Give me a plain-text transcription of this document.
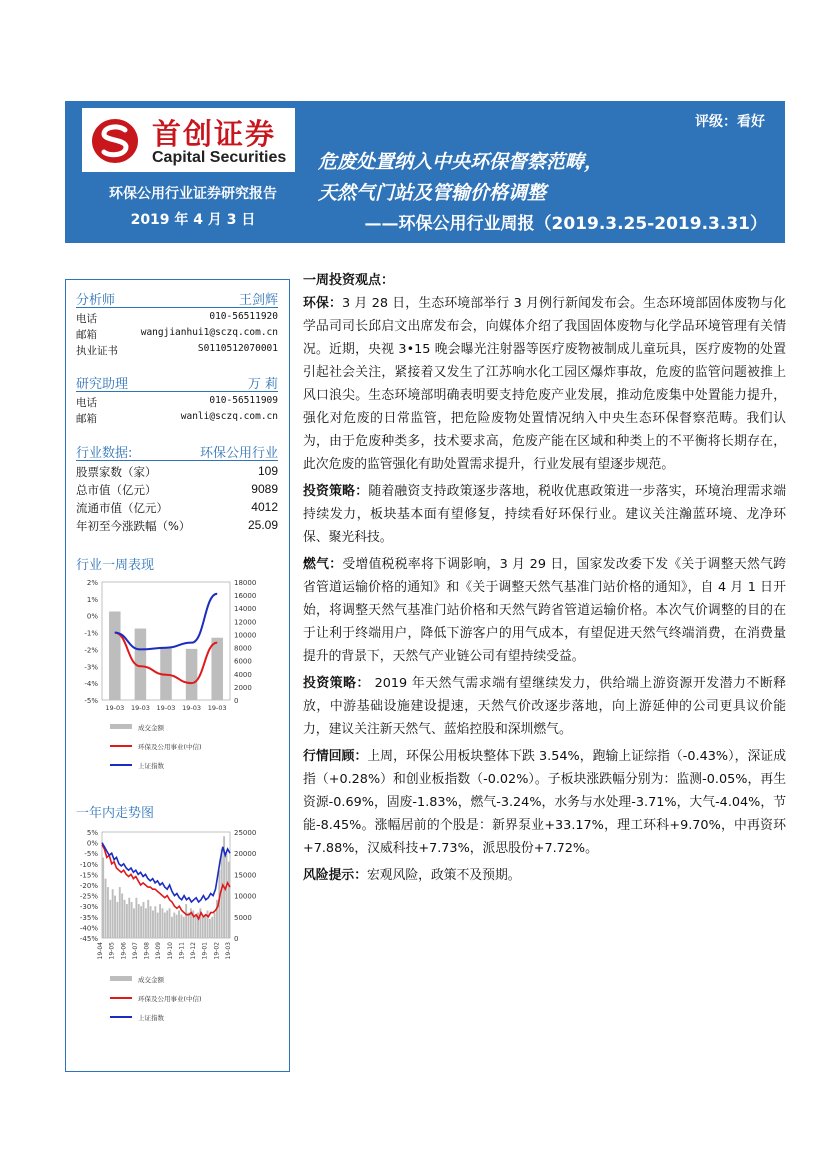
首创证券
Capital Securities
环保公用行业证券研究报告
2019 年 4 月 3 日
评级：看好
危废处置纳入中央环保督察范畴，
天然气门站及管输价格调整
——环保公用行业周报（2019.3.25-2019.3.31）
分析师	王剑辉
电话	010-56511920
邮箱	wangjianhui1@sczq.com.cn
执业证书	S0110512070001
研究助理	万 莉
电话	010-56511909
邮箱	wanli@sczq.com.cn
行业数据:	环保公用行业
股票家数（家）	109
总市值（亿元）	9089
流通市值（亿元）	4012
年初至今涨跌幅（%）	25.09
行业一周表现
2%
1%
0%
-1%
-2%
-3%
-4%
-5%
18000
16000
14000
12000
10000
8000
6000
4000
2000
0
19-03 19-03 19-03 19-03 19-03
成交金额
环保及公用事业(中信)
上证指数
一年内走势图
5%
0%
-5%
-10%
-15%
-20%
-25%
-30%
-35%
-40%
-45%
25000
20000
15000
10000
5000
0
19-04 19-05 19-06 19-07 19-08 19-09 19-10 19-11 19-12 19-01 19-02 19-03
成交金额
环保及公用事业(中信)
上证指数
一周投资观点：

环保：3 月 28 日，生态环境部举行 3 月例行新闻发布会。生态环境部固体废物与化学品司司长邱启文出席发布会，向媒体介绍了我国固体废物与化学品环境管理有关情况。近期，央视 3•15 晚会曝光注射器等医疗废物被制成儿童玩具，医疗废物的处置引起社会关注，紧接着又发生了江苏响水化工园区爆炸事故，危废的监管问题被推上风口浪尖。生态环境部明确表明要支持危废产业发展，推动危废集中处置能力提升，强化对危废的日常监管，把危险废物处置情况纳入中央生态环保督察范畴。我们认为，由于危废种类多，技术要求高，危废产能在区域和种类上的不平衡将长期存在，此次危废的监管强化有助处置需求提升，行业发展有望逐步规范。

投资策略：随着融资支持政策逐步落地，税收优惠政策进一步落实，环境治理需求端持续发力，板块基本面有望修复，持续看好环保行业。建议关注瀚蓝环境、龙净环保、聚光科技。

燃气：受增值税税率将下调影响，3 月 29 日，国家发改委下发《关于调整天然气跨省管道运输价格的通知》和《关于调整天然气基准门站价格的通知》，自 4 月 1 日开始，将调整天然气基准门站价格和天然气跨省管道运输价格。本次气价调整的目的在于让利于终端用户，降低下游客户的用气成本，有望促进天然气终端消费，在消费量提升的背景下，天然气产业链公司有望持续受益。

投资策略： 2019 年天然气需求端有望继续发力，供给端上游资源开发潜力不断释放，中游基础设施建设提速，天然气价改逐步落地，向上游延伸的公司更具议价能力，建议关注新天然气、蓝焰控股和深圳燃气。

行情回顾：上周，环保公用板块整体下跌 3.54%，跑输上证综指（-0.43%），深证成指（+0.28%）和创业板指数（-0.02%）。子板块涨跌幅分别为：监测-0.05%，再生资源-0.69%，固废-1.83%，燃气-3.24%，水务与水处理-3.71%，大气-4.04%，节能-8.45%。涨幅居前的个股是：新界泵业+33.17%，理工环科+9.70%，中再资环+7.88%，汉威科技+7.73%，派思股份+7.72%。

风险提示：宏观风险，政策不及预期。
